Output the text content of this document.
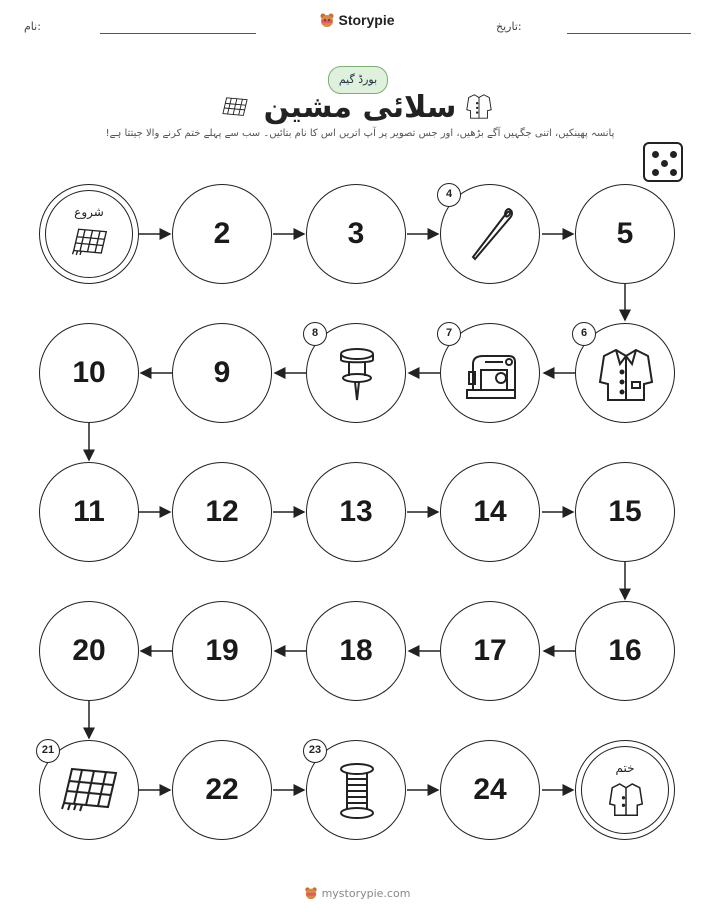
نام:	تاریخ:
Storypie
بورڈ گیم
سلائی مشین
پانسہ پھینکیں، اتنی جگہیں آگے بڑھیں، اور جس تصویر پر آپ اتریں اس کا نام بتائیں۔ سب سے پہلے ختم کرنے والا جیتتا ہے!
شروع
2	3
4
5
10	9
8	7	6
11	12	13	14	15
20	19	18	17	16
21
22
23
24
ختم
mystorypie.com
